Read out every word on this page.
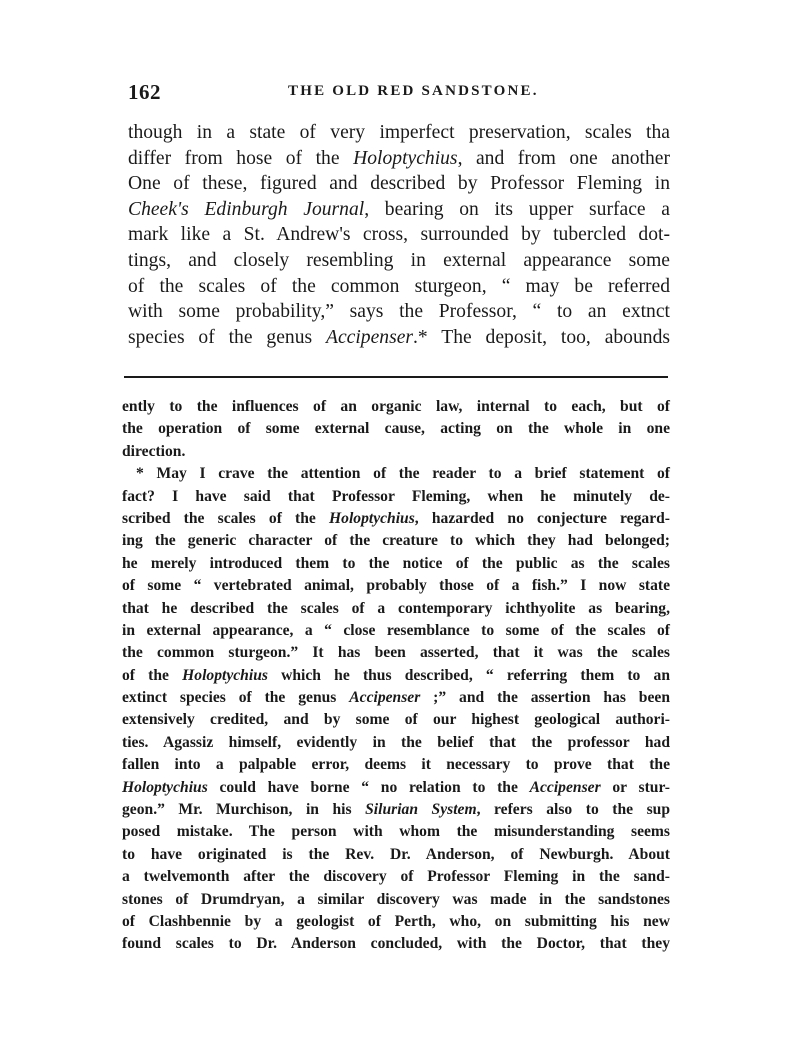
162	THE OLD RED SANDSTONE.
though in a state of very imperfect preservation, scales tha
differ from hose of the Holoptychius, and from one another
One of these, figured and described by Professor Fleming in
Cheek's Edinburgh Journal, bearing on its upper surface a
mark like a St. Andrew's cross, surrounded by tubercled dot-
tings, and closely resembling in external appearance some
of the scales of the common sturgeon, “ may be referred
with some probability,” says the Professor, “ to an extnct
species of the genus Accipenser.* The deposit, too, abounds
ently to the influences of an organic law, internal to each, but of
the operation of some external cause, acting on the whole in one
direction.
* May I crave the attention of the reader to a brief statement of
fact? I have said that Professor Fleming, when he minutely de-
scribed the scales of the Holoptychius, hazarded no conjecture regard-
ing the generic character of the creature to which they had belonged;
he merely introduced them to the notice of the public as the scales
of some “ vertebrated animal, probably those of a fish.” I now state
that he described the scales of a contemporary ichthyolite as bearing,
in external appearance, a “ close resemblance to some of the scales of
the common sturgeon.” It has been asserted, that it was the scales
of the Holoptychius which he thus described, “ referring them to an
extinct species of the genus Accipenser ;” and the assertion has been
extensively credited, and by some of our highest geological authori-
ties. Agassiz himself, evidently in the belief that the professor had
fallen into a palpable error, deems it necessary to prove that the
Holoptychius could have borne “ no relation to the Accipenser or stur-
geon.” Mr. Murchison, in his Silurian System, refers also to the sup
posed mistake. The person with whom the misunderstanding seems
to have originated is the Rev. Dr. Anderson, of Newburgh. About
a twelvemonth after the discovery of Professor Fleming in the sand-
stones of Drumdryan, a similar discovery was made in the sandstones
of Clashbennie by a geologist of Perth, who, on submitting his new
found scales to Dr. Anderson concluded, with the Doctor, that they
